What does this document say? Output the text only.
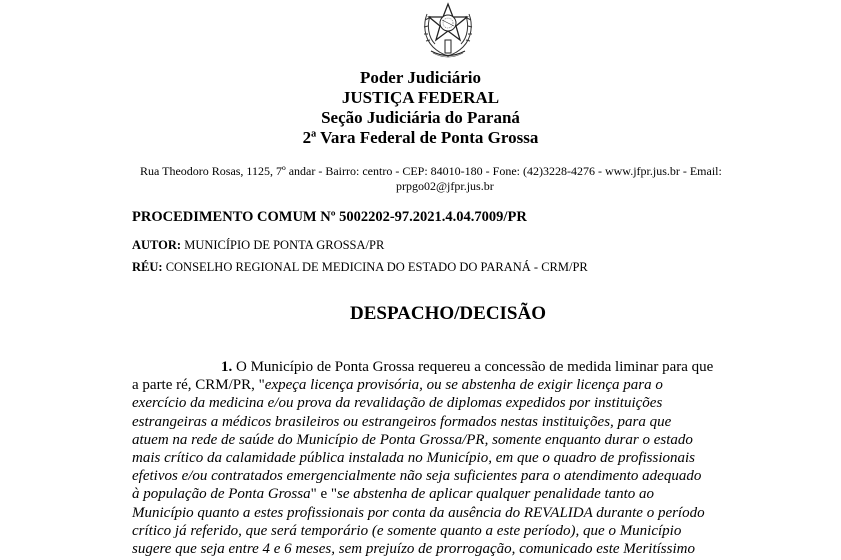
Poder Judiciário

JUSTIÇA FEDERAL

Seção Judiciária do Paraná

2ª Vara Federal de Ponta Grossa

Rua Theodoro Rosas, 1125, 7º andar - Bairro: centro - CEP: 84010-180 - Fone: (42)3228-4276 - www.jfpr.jus.br - Email:
prpgo02@jfpr.jus.br
PROCEDIMENTO COMUM Nº 5002202-97.2021.4.04.7009/PR
AUTOR: MUNICÍPIO DE PONTA GROSSA/PR
RÉU: CONSELHO REGIONAL DE MEDICINA DO ESTADO DO PARANÁ - CRM/PR
DESPACHO/DECISÃO
1. O Município de Ponta Grossa requereu a concessão de medida liminar para que
a parte ré, CRM/PR, "expeça licença provisória, ou se abstenha de exigir licença para o
exercício da medicina e/ou prova da revalidação de diplomas expedidos por instituições
estrangeiras a médicos brasileiros ou estrangeiros formados nestas instituições, para que
atuem na rede de saúde do Município de Ponta Grossa/PR, somente enquanto durar o estado
mais crítico da calamidade pública instalada no Município, em que o quadro de profissionais
efetivos e/ou contratados emergencialmente não seja suficientes para o atendimento adequado
à população de Ponta Grossa" e "se abstenha de aplicar qualquer penalidade tanto ao
Município quanto a estes profissionais por conta da ausência do REVALIDA durante o período
crítico já referido, que será temporário (e somente quanto a este período), que o Município
sugere que seja entre 4 e 6 meses, sem prejuízo de prorrogação, comunicado este Meritíssimo
